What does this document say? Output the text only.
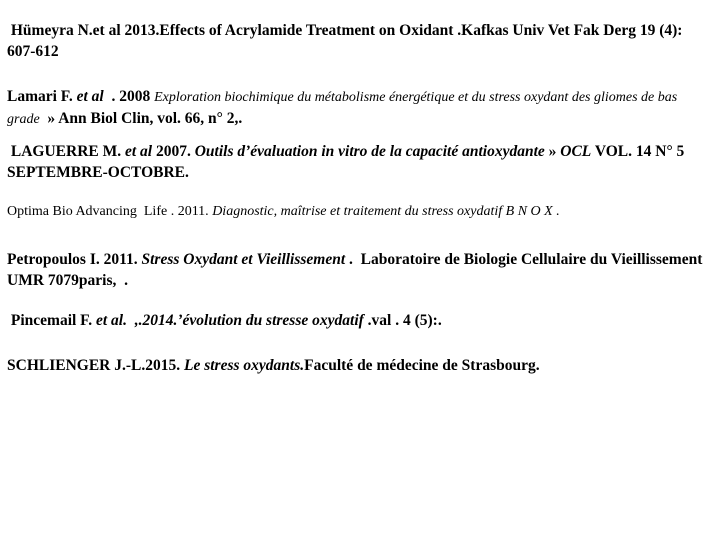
Hümeyra N.et al 2013.Effects of Acrylamide Treatment on Oxidant .Kafkas Univ Vet Fak Derg 19 (4): 607-612

Lamari F. et al  . 2008 Exploration biochimique du métabolisme énergétique et du stress oxydant des gliomes de bas grade  » Ann Biol Clin, vol. 66, n° 2,.

LAGUERRE M. et al 2007. Outils d’évaluation in vitro de la capacité antioxydante » OCL VOL. 14 N° 5 SEPTEMBRE-OCTOBRE.

Optima Bio Advancing  Life . 2011. Diagnostic, maîtrise et traitement du stress oxydatif B N O X .

Petropoulos I. 2011. Stress Oxydant et Vieillissement .  Laboratoire de Biologie Cellulaire du Vieillissement UMR 7079paris,  .

Pincemail F. et al. ,.2014.’évolution du stresse oxydatif .val . 4 (5):.

SCHLIENGER J.-L.2015. Le stress oxydants.Faculté de médecine de Strasbourg.
